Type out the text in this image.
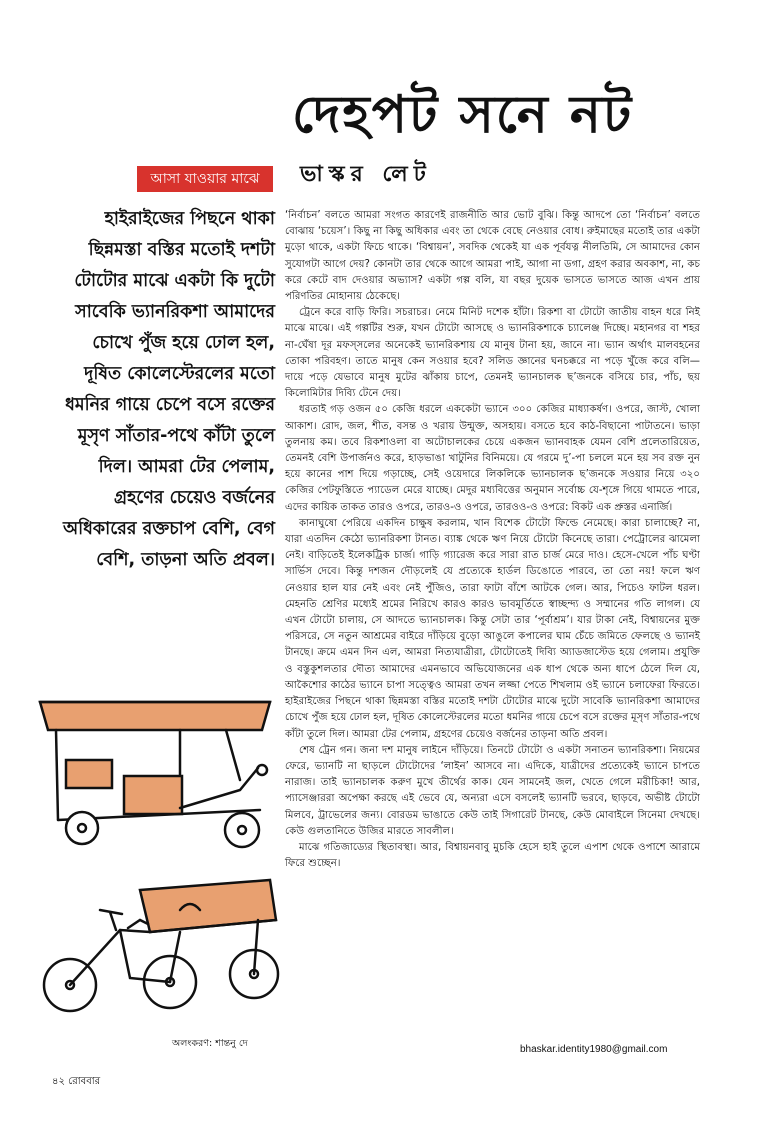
দেহপট সনে নট
আসা যাওয়ার মাঝে	ভাস্কর লেট

হাইরাইজের পিছনে থাকা ছিন্নমস্তা বস্তির মতোই দশটা টোটোর মাঝে একটা কি দুটো সাবেকি ভ্যানরিকশা আমাদের চোখে পুঁজ হয়ে ঢোল হল, দূষিত কোলেস্টেরলের মতো ধমনির গায়ে চেপে বসে রক্তের মূসৃণ সাঁতার-পথে কাঁটা তুলে দিল। আমরা টের পেলাম, গ্রহণের চেয়েও বর্জনের অধিকারের রক্তচাপ বেশি, বেগ বেশি, তাড়না অতি প্রবল।

‘নির্বাচন’ বলতে আমরা সংগত কারণেই রাজনীতি আর ভোট বুঝি। কিন্তু আদপে তো ‘নির্বাচন’ বলতে বোঝায় ‘চয়েস’। কিছু না কিছু অধিকার এবং তা থেকে বেছে নেওয়ার বোধ। রুইমাছের মতোই তার একটা মুড়ো থাকে, একটা ফিচে থাকে। ‘বিশ্বায়ন’, সবদিক থেকেই যা এক পূর্বযত্ন নীলতিমি, সে আমাদের কোন সুযোগটা আগে দেয়? কোনটা তার থেকে আগে আমরা পাই, আগা না ডগা, গ্রহণ করার অবকাশ, না, কচ করে কেটে বাদ দেওয়ার অভ্যাস? একটা গল্প বলি, যা বছর দুয়েক ভাসতে ভাসতে আজ এখন প্রায় পরিণতির মোহানায় ঠেকেছে।

ট্রেনে করে বাড়ি ফিরি। সচরাচর। নেমে মিনিট দশেক হাঁটা। রিকশা বা টোটো জাতীয় বাহন ধরে নিই মাঝে মাঝে। এই গল্পটির শুরু, যখন টোটো আসছে ও ভ্যানরিকশাকে চ্যালেঞ্জ দিচ্ছে। মহানগর বা শহর না-ঘেঁষা দূর মফস্সলের অনেকেই ভ্যানরিকশায় যে মানুষ টানা হয়, জানে না। ভ্যান অর্থাৎ মালবহনের তোকা পরিবহণ। তাতে মানুষ কেন সওয়ার হবে? সলিড জ্ঞানের ঘনচক্করে না পড়ে খুঁজে করে বলি— দায়ে পড়ে যেভাবে মানুষ মুটের ঝাঁকায় চাপে, তেমনই ভ্যানচালক ছ’জনকে বসিয়ে চার, পাঁচ, ছয় কিলোমিটার দিব্যি টেনে দেয়।

ধরতাই গড় ওজন ৫০ কেজি ধরলে এককেটা ভ্যানে ৩০০ কেজির মাধ্যাকর্ষণ। ওপরে, জাস্ট, খোলা আকাশ। রোদ, জল, শীত, বসন্ত ও খরায় উন্মুক্ত, অসহায়। বসতে হবে কাঠ-বিছানো পাটাতনে। ভাড়া তুলনায় কম। তবে রিকশাওলা বা অটোচালকের চেয়ে একজন ভ্যানবাহক যেমন বেশি প্রলেতারিয়েত, তেমনই বেশি উপার্জনও করে, হাড়ভাঙা খাটুনির বিনিময়ে। যে গরমে দু’-পা চললে মনে হয় সব রক্ত নুন হয়ে কানের পাশ দিয়ে গড়াচ্ছে, সেই ওয়েদারে লিকলিকে ভ্যানচালক ছ’জনকে সওয়ার নিয়ে ৩২০ কেজির পেটফুস্তিতে প্যাডেল মেরে যাচ্ছে। মেদুর মধ্যবিত্তের অনুমান সর্বোচ্চ যে-শৃঙ্গে গিয়ে থামতে পারে, এদের কায়িক তাকত তারও ওপরে, তারও-ও ওপরে, তারওও-ও ওপরে: বিকট এক প্রুস্তর এনার্জি।

কানাঘুষো পেরিয়ে একদিন চাক্ষুষ করলাম, খান বিশেক টোটো ফিল্ডে নেমেছে। কারা চালাচ্ছে? না, যারা এতদিন কেঠো ভ্যানরিকশা টানত। ব্যাঙ্ক থেকে ঋণ নিয়ে টোটো কিনেছে তারা। পেট্রোলের ঝামেলা নেই। বাড়িতেই ইলেকট্রিক চার্জ। গাড়ি গ্যারেজ করে সারা রাত চার্জ মেরে দাও। হেসে-খেলে পাঁচ ঘণ্টা সার্ভিস দেবে। কিন্তু দশজন দৌড়লেই যে প্রত্যেকে হার্ডল ডিঙোতে পারবে, তা তো নয়! ফলে ঋণ নেওয়ার হাল যার নেই এবং নেই পুঁজিও, তারা ফাটা বাঁশে আটকে গেল। আর, পিচেও ফাটল ধরল। মেহনতি শ্রেণির মধ্যেই শ্রমের নিরিখে কারও কারও ভাবমূর্তিতে স্বাচ্ছন্দ্য ও সম্মানের গতি লাগল। যে এখন টোটো চালায়, সে আদতে ভ্যানচালক। কিন্তু সেটা তার ‘পূর্বাশ্রম’। যার টাকা নেই, বিশ্বায়নের মুক্ত পরিসরে, সে নতুন আশ্রমের বাইরে দাঁড়িয়ে বুড়ো আঙুলে কপালের ঘাম চেঁচে জমিতে ফেলছে ও ভ্যানই টানছে। ক্রমে এমন দিন এল, আমরা নিত্যযাত্রীরা, টোটোতেই দিব্যি অ্যাডজাস্টেড হয়ে গেলাম। প্রযুক্তি ও বস্তুকুশলতার দৌত্য আমাদের এমনভাবে অভিযোজনের এক ধাপ থেকে অন্য ধাপে ঠেলে দিল যে, আকৈশোর কাঠের ভ্যানে চাপা সত্ত্বেও আমরা তখন লজ্জা পেতে শিখলাম ওই ভ্যানে চলাফেরা ফিরতে। হাইরাইজের পিছনে থাকা ছিন্নমস্তা বস্তির মতোই দশটা টোটোর মাঝে দুটো সাবেকি ভ্যানরিকশা আমাদের চোখে পুঁজ হয়ে ঢোল হল, দূষিত কোলেস্টেরলের মতো ধমনির গায়ে চেপে বসে রক্তের মূসৃণ সাঁতার-পথে কাঁটা তুলে দিল। আমরা টের পেলাম, গ্রহণের চেয়েও বর্জনের তাড়না অতি প্রবল।

শেষ ট্রেন গন। জনা দশ মানুষ লাইনে দাঁড়িয়ে। তিনটে টোটো ও একটা সনাতন ভ্যানরিকশা। নিয়মের ফেরে, ভ্যানটি না ছাড়লে টোটোদের ‘লাইন’ আসবে না। এদিকে, যাত্রীদের প্রত্যেকেই ভ্যানে চাপতে নারাজ। তাই ভ্যানচালক করুণ মুখে তীর্থের কাক। যেন সামনেই জল, খেতে গেলে মরীচিকা! আর, প্যাসেঞ্জাররা অপেক্ষা করছে এই ভেবে যে, অন্যরা এসে বসলেই ভ্যানটি ভরবে, ছাড়বে, অভীষ্ট টোটো মিলবে, ট্রাভেলের জন্য। বোরডম ভাঙাতে কেউ তাই সিগারেট টানছে, কেউ মোবাইলে সিনেমা দেখছে। কেউ গুলতানিতে উজির মারতে সাবলীল।

মাঝে গতিজাড্যের স্থিতাবস্থা। আর, বিশ্বায়নবাবু মুচকি হেসে হাই তুলে এপাশ থেকে ওপাশে আরামে ফিরে শুচ্ছেন।

অলংকরণ: শান্তনু দে
bhaskar.identity1980@gmail.com
৪২ রোববার
